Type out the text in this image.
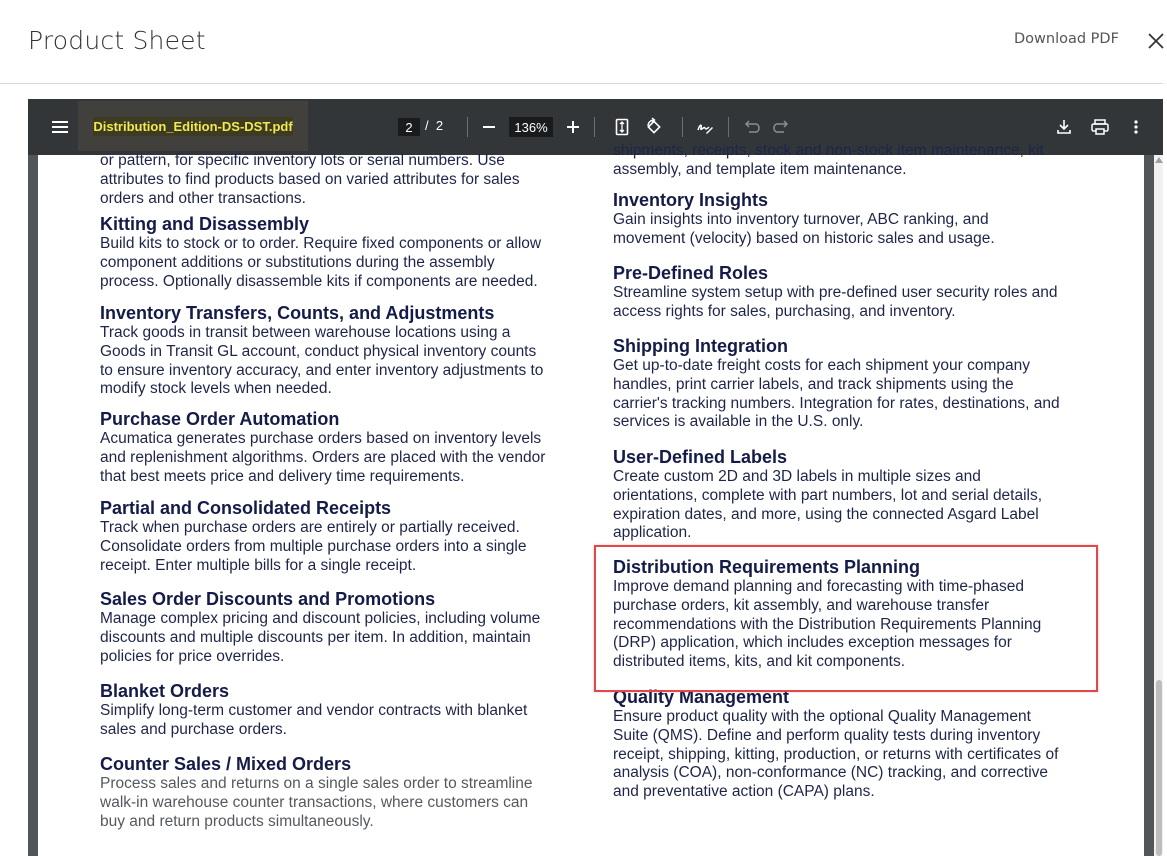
Product Sheet	Download PDF
Distribution_Edition-DS-DST.pdf	2 / 2	136%

or pattern, for specific inventory lots or serial numbers. Use

attributes to find products based on varied attributes for sales

orders and other transactions.

Kitting and Disassembly

Build kits to stock or to order. Require fixed components or allow

component additions or substitutions during the assembly

process. Optionally disassemble kits if components are needed.

Inventory Transfers, Counts, and Adjustments

Track goods in transit between warehouse locations using a

Goods in Transit GL account, conduct physical inventory counts

to ensure inventory accuracy, and enter inventory adjustments to

modify stock levels when needed.

Purchase Order Automation

Acumatica generates purchase orders based on inventory levels

and replenishment algorithms. Orders are placed with the vendor

that best meets price and delivery time requirements.

Partial and Consolidated Receipts

Track when purchase orders are entirely or partially received.

Consolidate orders from multiple purchase orders into a single

receipt. Enter multiple bills for a single receipt.

Sales Order Discounts and Promotions

Manage complex pricing and discount policies, including volume

discounts and multiple discounts per item. In addition, maintain

policies for price overrides.

Blanket Orders

Simplify long-term customer and vendor contracts with blanket

sales and purchase orders.

Counter Sales / Mixed Orders

Process sales and returns on a single sales order to streamline

walk-in warehouse counter transactions, where customers can

buy and return products simultaneously.

shipments, receipts, stock and non-stock item maintenance, kit

assembly, and template item maintenance.

Inventory Insights

Gain insights into inventory turnover, ABC ranking, and

movement (velocity) based on historic sales and usage.

Pre-Defined Roles

Streamline system setup with pre-defined user security roles and

access rights for sales, purchasing, and inventory.

Shipping Integration

Get up-to-date freight costs for each shipment your company

handles, print carrier labels, and track shipments using the

carrier's tracking numbers. Integration for rates, destinations, and

services is available in the U.S. only.

User-Defined Labels

Create custom 2D and 3D labels in multiple sizes and

orientations, complete with part numbers, lot and serial details,

expiration dates, and more, using the connected Asgard Label

application.

Distribution Requirements Planning

Improve demand planning and forecasting with time-phased

purchase orders, kit assembly, and warehouse transfer

recommendations with the Distribution Requirements Planning

(DRP) application, which includes exception messages for

distributed items, kits, and kit components.

Quality Management

Ensure product quality with the optional Quality Management

Suite (QMS). Define and perform quality tests during inventory

receipt, shipping, kitting, production, or returns with certificates of

analysis (COA), non-conformance (NC) tracking, and corrective

and preventative action (CAPA) plans.
